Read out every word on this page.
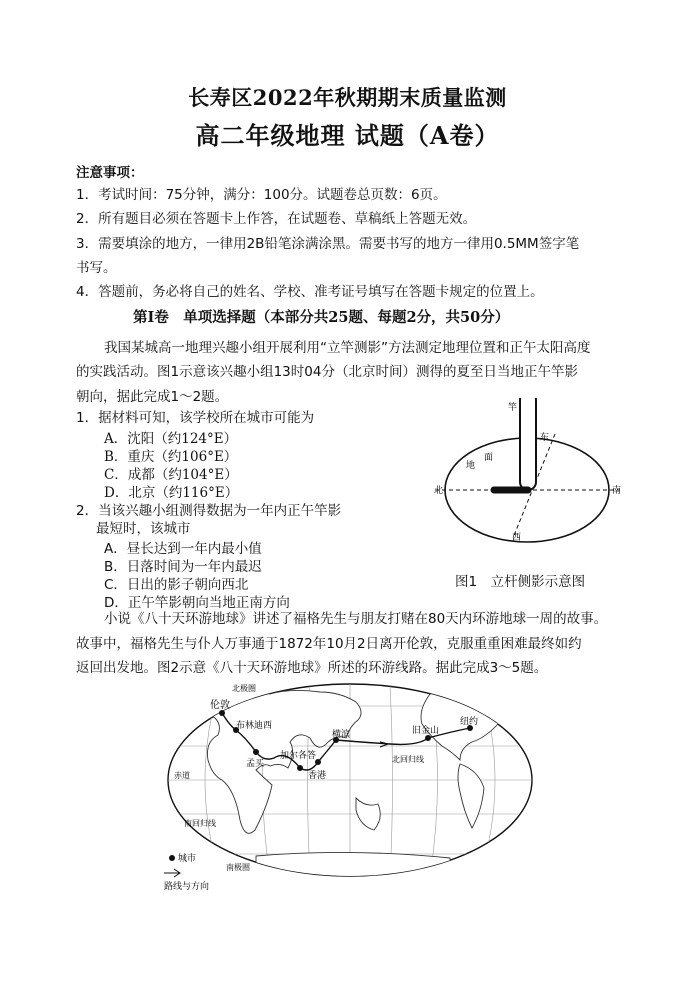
长寿区2022年秋期期末质量监测
高二年级地理 试题（A卷）
注意事项：
1．考试时间：75分钟，满分：100分。试题卷总页数：6页。
2．所有题目必须在答题卡上作答，在试题卷、草稿纸上答题无效。
3．需要填涂的地方，一律用2B铅笔涂满涂黑。需要书写的地方一律用0.5MM签字笔
书写。
4．答题前，务必将自己的姓名、学校、准考证号填写在答题卡规定的位置上。
第Ⅰ卷　单项选择题（本部分共25题、每题2分，共50分）
我国某城高一地理兴趣小组开展利用“立竿测影”方法测定地理位置和正午太阳高度
的实践活动。图1示意该兴趣小组13时04分（北京时间）测得的夏至日当地正午竿影
朝向，据此完成1～2题。
1．据材料可知，该学校所在城市可能为
A．沈阳（约124°E）
B．重庆（约106°E）
C．成都（约104°E）
D．北京（约116°E）
2．当该兴趣小组测得数据为一年内正午竿影
最短时，该城市
A．昼长达到一年内最小值
B．日落时间为一年内最迟
C．日出的影子朝向西北
D．正午竿影朝向当地正南方向
竿
地
面
北	南
东
西
图1　立杆侧影示意图
小说《八十天环游地球》讲述了福格先生与朋友打赌在80天内环游地球一周的故事。
故事中，福格先生与仆人万事通于1872年10月2日离开伦敦，克服重重困难最终如约
返回出发地。图2示意《八十天环游地球》所述的环游线路。据此完成3～5题。
北极圈
伦敦
布林迪西
孟买
加尔各答
横滨	旧金山
纽约
香港
北回归线
赤道
南回归线
南极圈
城市
路线与方向
